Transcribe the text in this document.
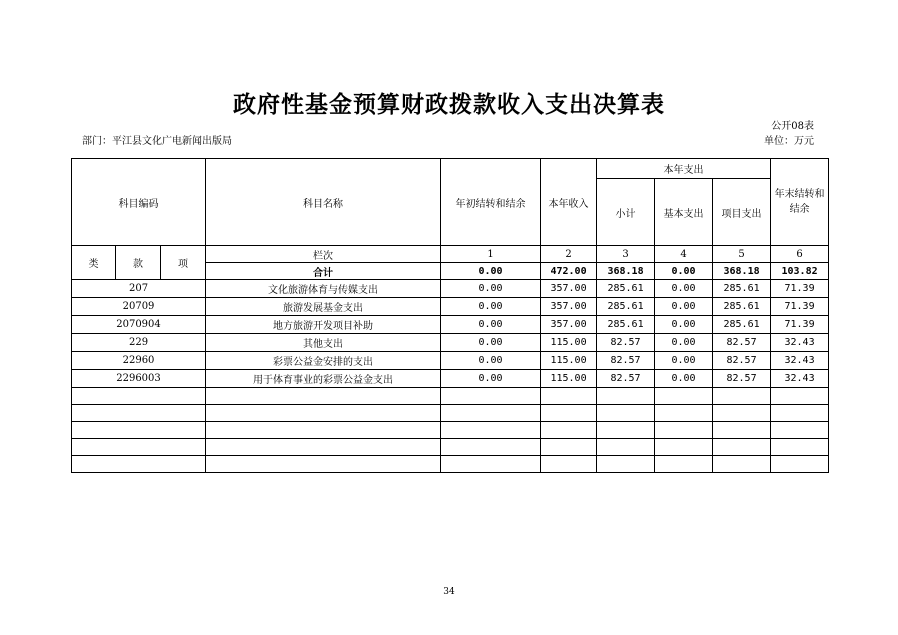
政府性基金预算财政拨款收入支出决算表
公开08表
部门：平江县文化广电新闻出版局	单位：万元
科目编码			科目名称	年初结转和结余	本年收入	本年支出			年末结转和结余
						小计	基本支出	项目支出	

类	款	项	栏次	1	2	3	4	5	6
			合计	0.00	472.00	368.18	0.00	368.18	103.82
207			文化旅游体育与传媒支出	0.00	357.00	285.61	0.00	285.61	71.39
20709			旅游发展基金支出	0.00	357.00	285.61	0.00	285.61	71.39
2070904			地方旅游开发项目补助	0.00	357.00	285.61	0.00	285.61	71.39
229			其他支出	0.00	115.00	82.57	0.00	82.57	32.43
22960			彩票公益金安排的支出	0.00	115.00	82.57	0.00	82.57	32.43
2296003			用于体育事业的彩票公益金支出	0.00	115.00	82.57	0.00	82.57	32.43

34
